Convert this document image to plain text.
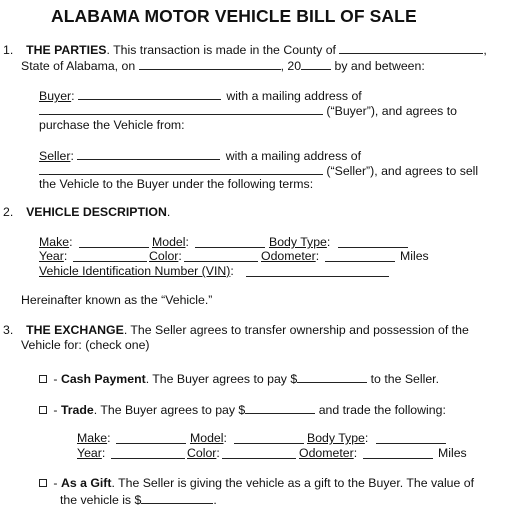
ALABAMA MOTOR VEHICLE BILL OF SALE
1. THE PARTIES. This transaction is made in the County of	,
State of Alabama, on	, 20	by and between:
Buyer:	with a mailing address of
(“Buyer”), and agrees to
purchase the Vehicle from:
Seller:	with a mailing address of
(“Seller”), and agrees to sell
the Vehicle to the Buyer under the following terms:
2. VEHICLE DESCRIPTION.
Make:	Model:	Body Type:
Year:	Color:	Odometer:	Miles
Vehicle Identification Number (VIN):
Hereinafter known as the “Vehicle.”
3. THE EXCHANGE. The Seller agrees to transfer ownership and possession of the
Vehicle for: (check one)
- Cash Payment. The Buyer agrees to pay $	to the Seller.
- Trade. The Buyer agrees to pay $	and trade the following:
Make:	Model:	Body Type:
Year:	Color:	Odometer:	Miles
- As a Gift. The Seller is giving the vehicle as a gift to the Buyer. The value of
the vehicle is $	.
